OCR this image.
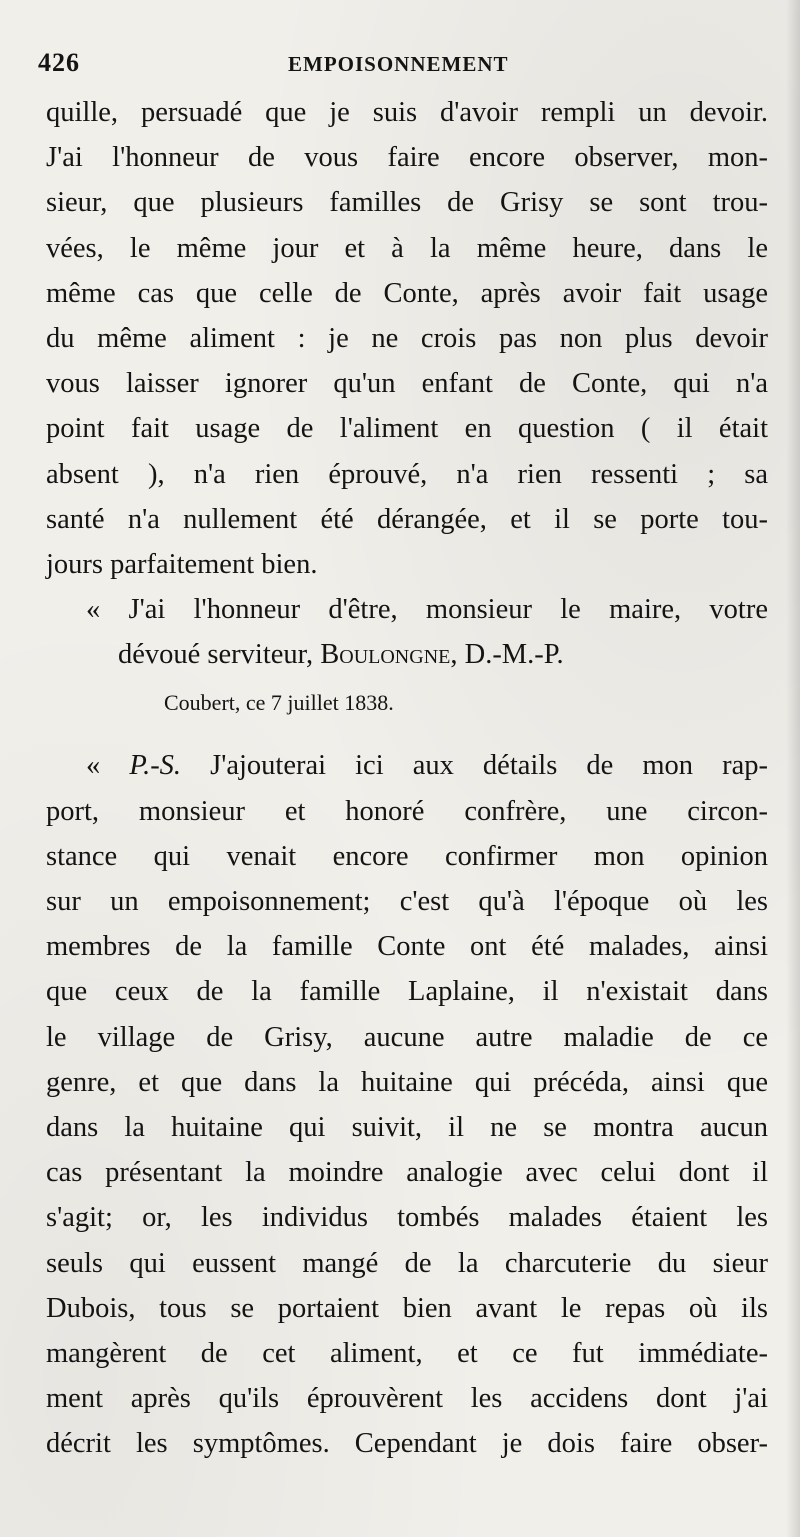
426	EMPOISONNEMENT
quille, persuadé que je suis d'avoir rempli un devoir.
J'ai l'honneur de vous faire encore observer, mon-
sieur, que plusieurs familles de Grisy se sont trou-
vées, le même jour et à la même heure, dans le
même cas que celle de Conte, après avoir fait usage
du même aliment : je ne crois pas non plus devoir
vous laisser ignorer qu'un enfant de Conte, qui n'a
point fait usage de l'aliment en question ( il était
absent ), n'a rien éprouvé, n'a rien ressenti ; sa
santé n'a nullement été dérangée, et il se porte tou-
jours parfaitement bien.
« J'ai l'honneur d'être, monsieur le maire, votre
dévoué serviteur, Boulongne, D.-M.-P.
Coubert, ce 7 juillet 1838.
« P.-S. J'ajouterai ici aux détails de mon rap-
port, monsieur et honoré confrère, une circon-
stance qui venait encore confirmer mon opinion
sur un empoisonnement; c'est qu'à l'époque où les
membres de la famille Conte ont été malades, ainsi
que ceux de la famille Laplaine, il n'existait dans
le village de Grisy, aucune autre maladie de ce
genre, et que dans la huitaine qui précéda, ainsi que
dans la huitaine qui suivit, il ne se montra aucun
cas présentant la moindre analogie avec celui dont il
s'agit; or, les individus tombés malades étaient les
seuls qui eussent mangé de la charcuterie du sieur
Dubois, tous se portaient bien avant le repas où ils
mangèrent de cet aliment, et ce fut immédiate-
ment après qu'ils éprouvèrent les accidens dont j'ai
décrit les symptômes. Cependant je dois faire obser-
